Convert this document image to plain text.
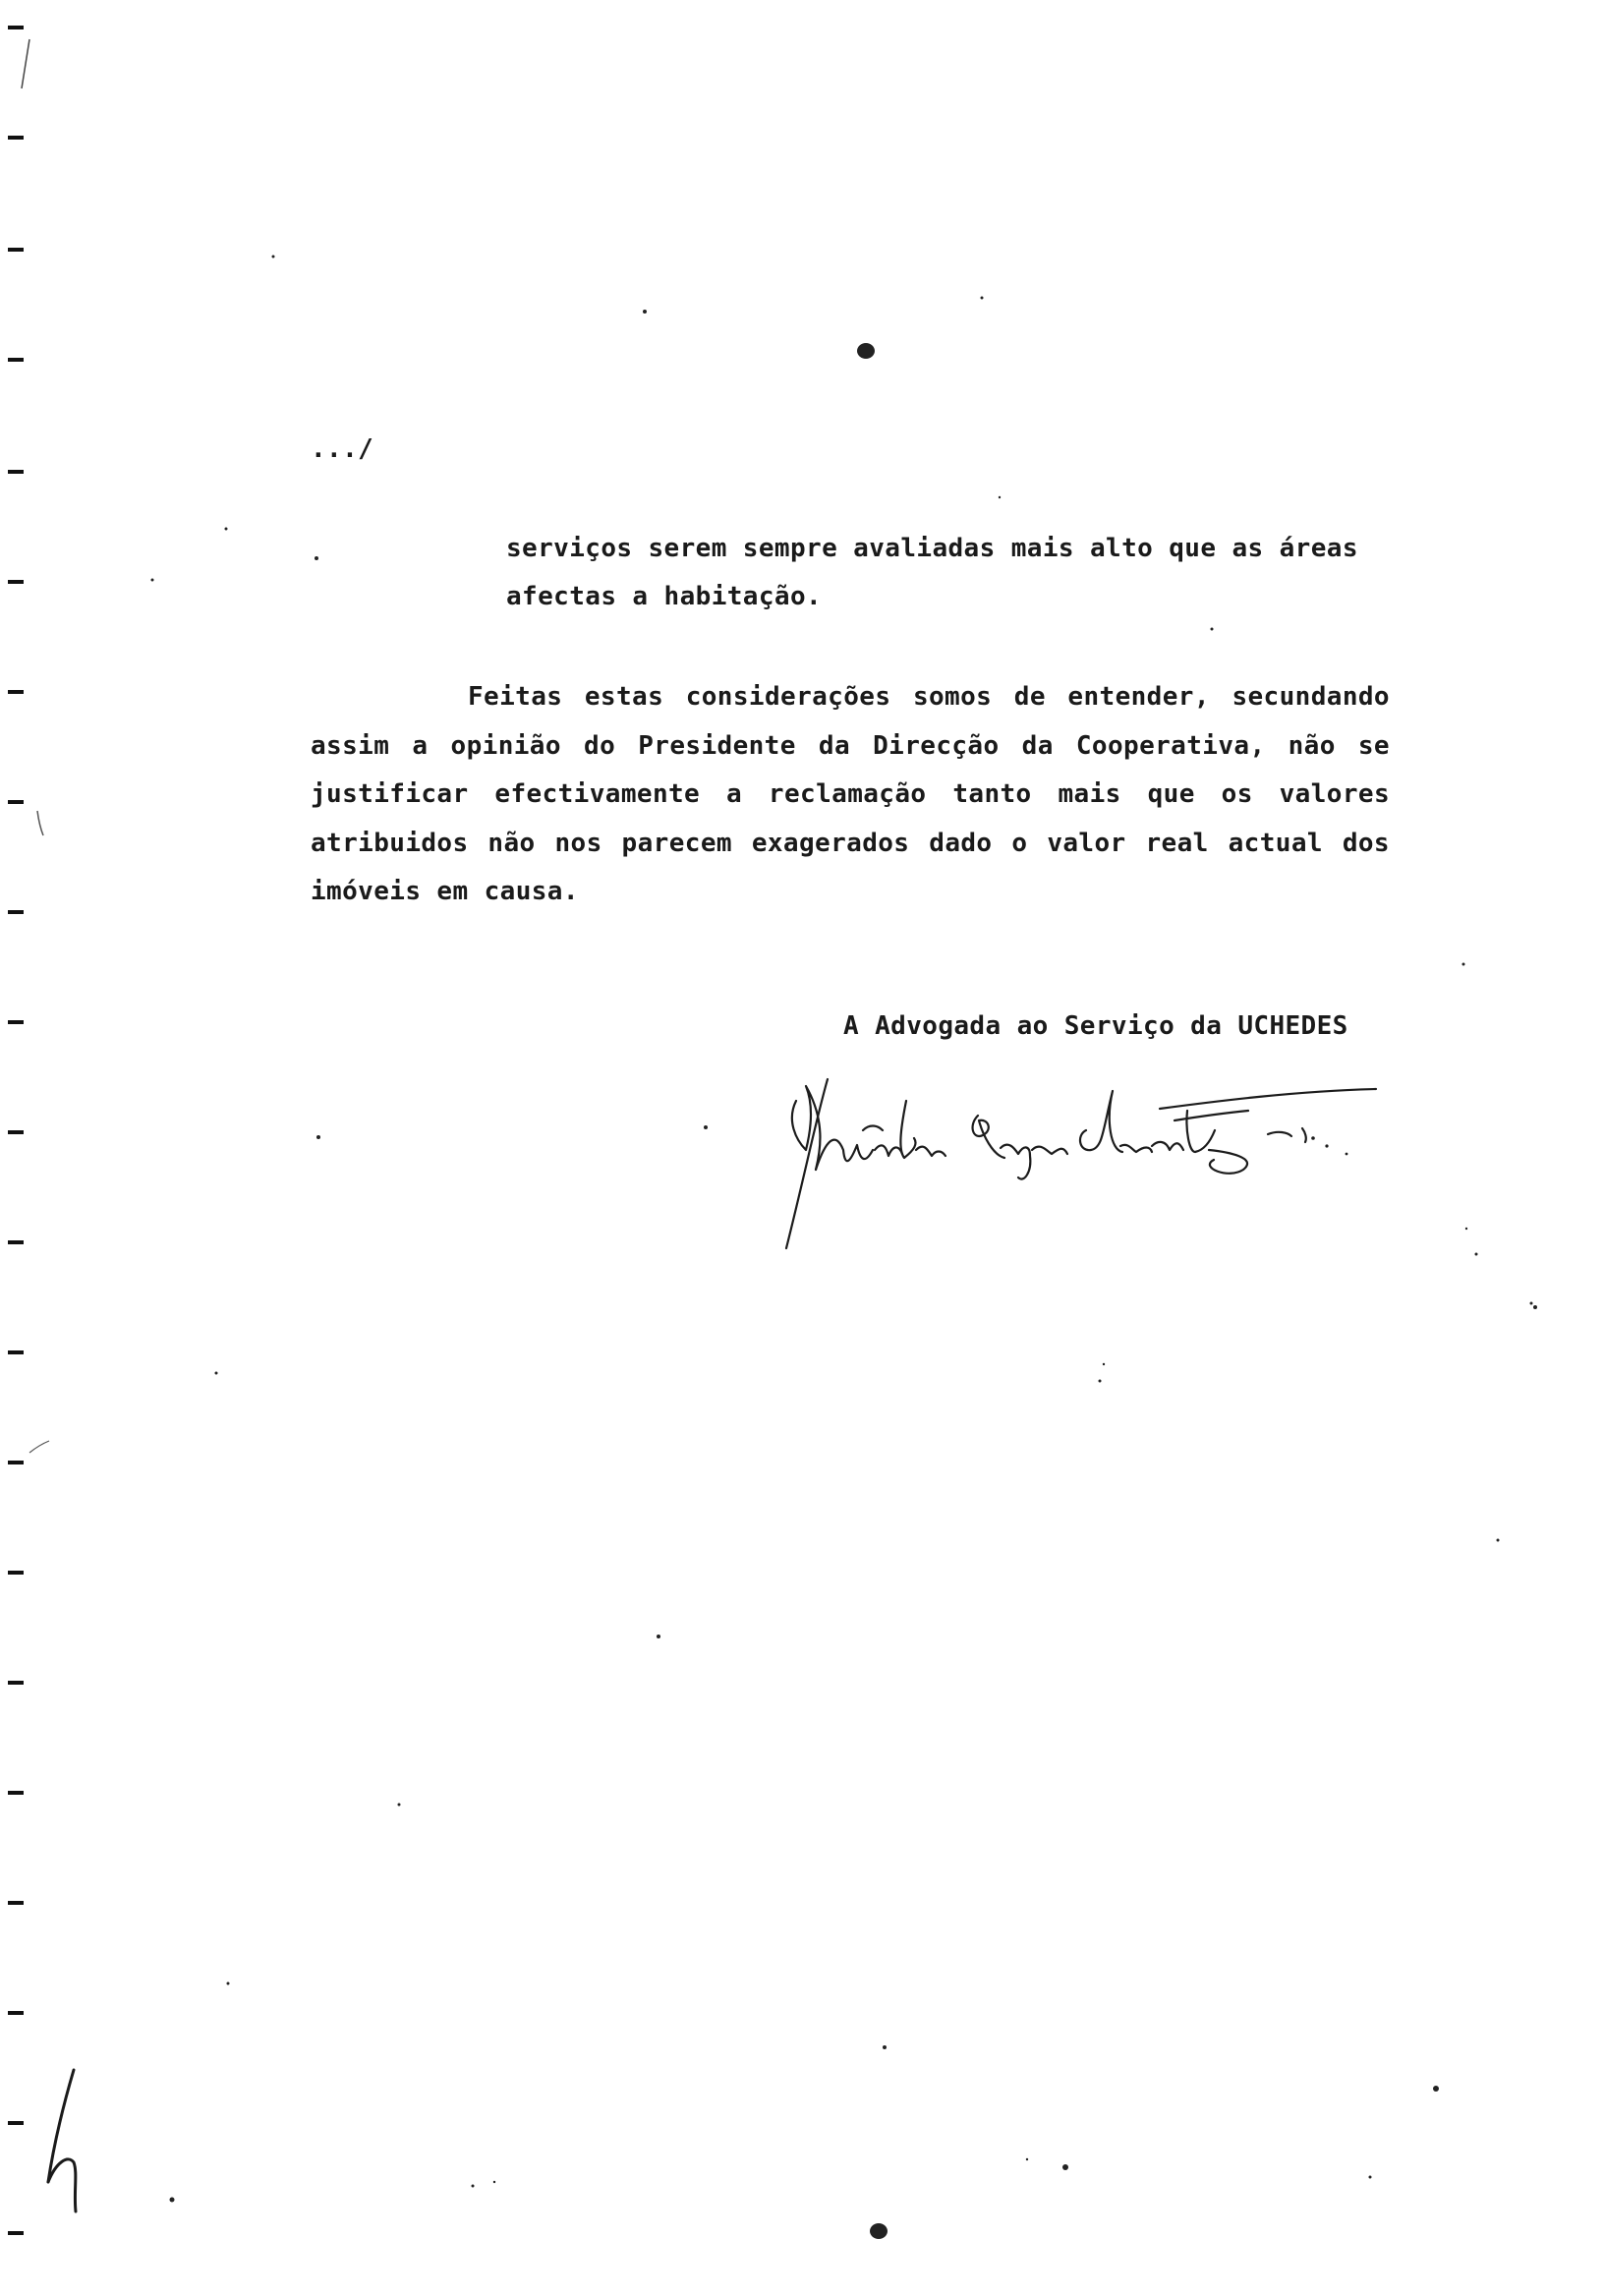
.../
serviços serem sempre avaliadas mais alto que as áreas
afectas a habitação.
Feitas estas considerações somos de entender, secundando
assim a opinião do Presidente da Direcção da Cooperativa, não se
justificar efectivamente a reclamação tanto mais que os valores
atribuidos não nos parecem exagerados dado o valor real actual dos
imóveis em causa.
A Advogada ao Serviço da UCHEDES
